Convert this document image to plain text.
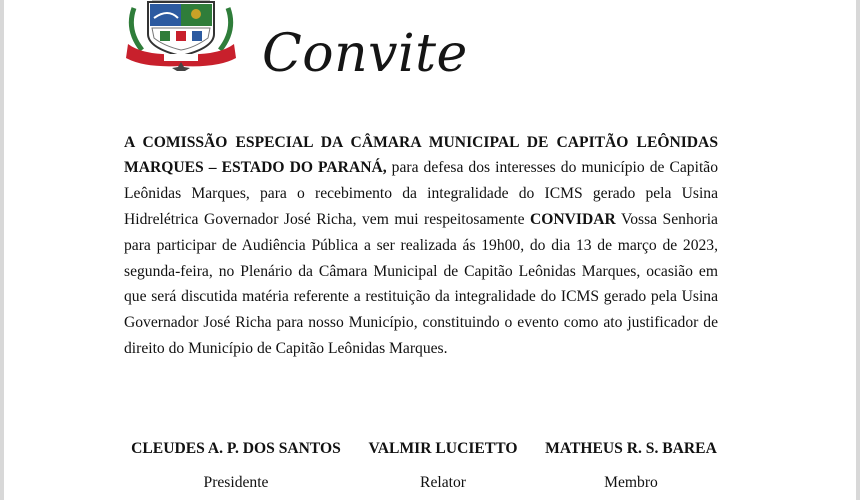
Convite

A COMISSÃO ESPECIAL DA CÂMARA MUNICIPAL DE CAPITÃO LEÔNIDAS MARQUES – ESTADO DO PARANÁ, para defesa dos interesses do município de Capitão Leônidas Marques, para o recebimento da integralidade do ICMS gerado pela Usina Hidrelétrica Governador José Richa, vem mui respeitosamente CONVIDAR Vossa Senhoria para participar de Audiência Pública a ser realizada ás 19h00, do dia 13 de março de 2023, segunda-feira, no Plenário da Câmara Municipal de Capitão Leônidas Marques, ocasião em que será discutida matéria referente a restituição da integralidade do ICMS gerado pela Usina Governador José Richa para nosso Município, constituindo o evento como ato justificador de direito do Município de Capitão Leônidas Marques.

CLEUDES A. P. DOS SANTOS
Presidente
VALMIR LUCIETTO
Relator
MATHEUS R. S. BAREA
Membro
